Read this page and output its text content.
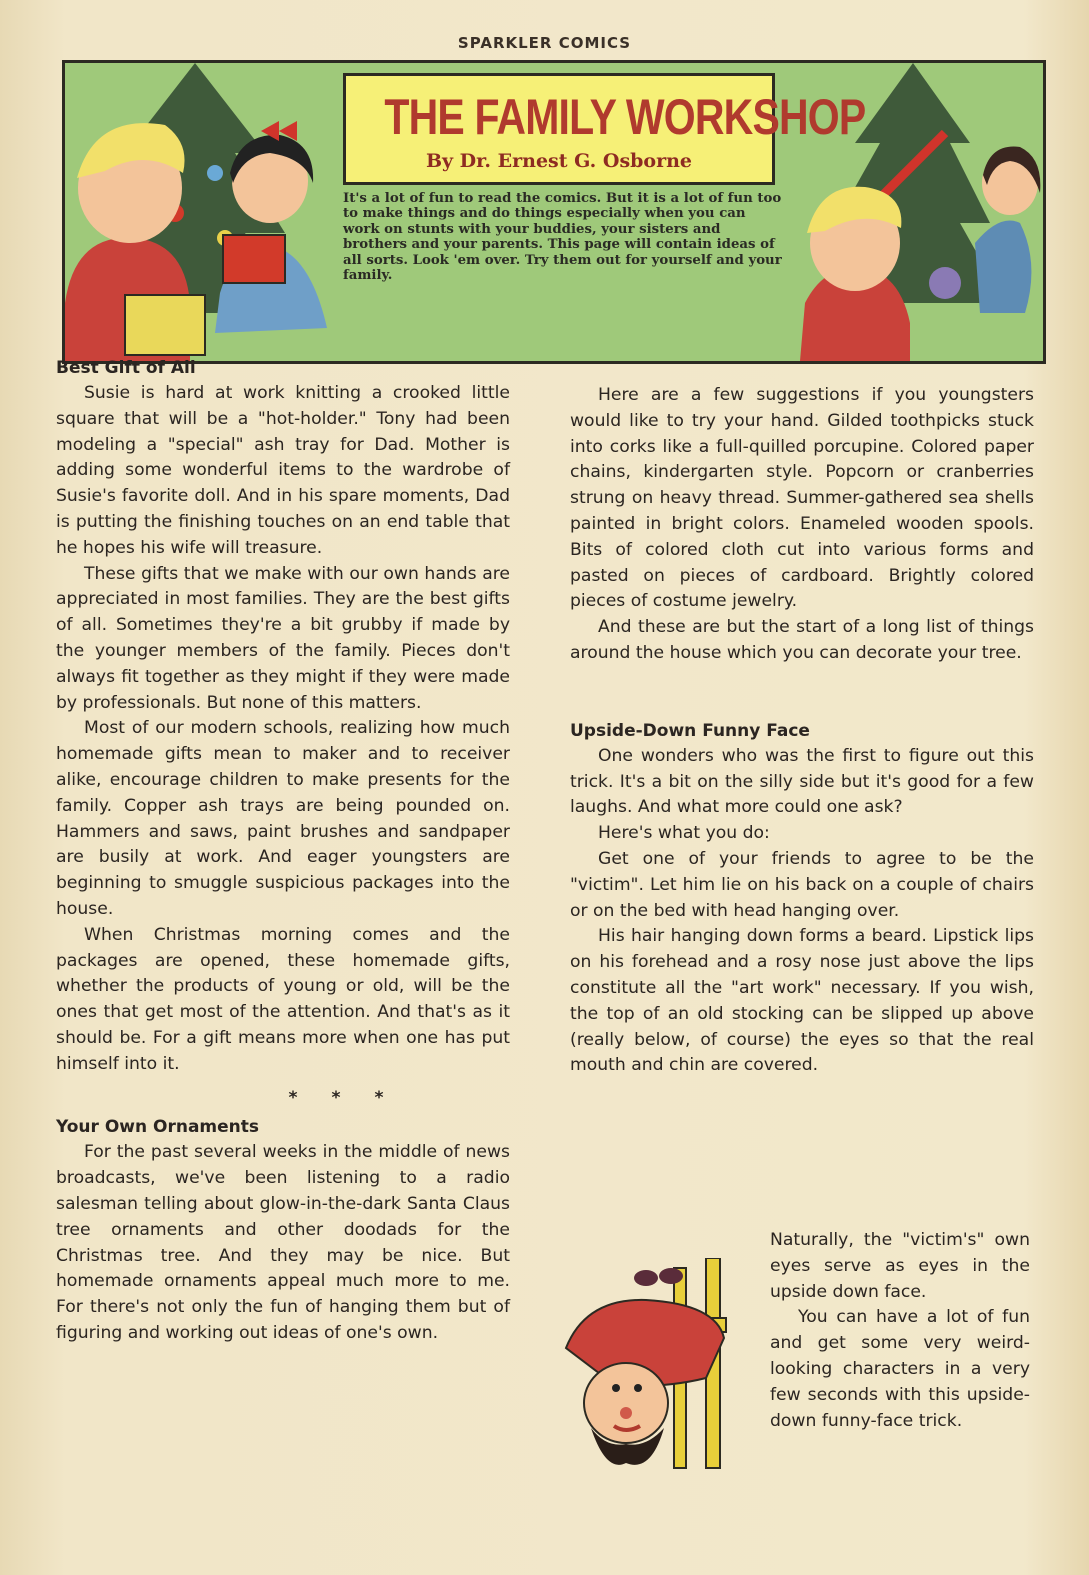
SPARKLER COMICS
THE FAMILY WORKSHOP
By Dr. Ernest G. Osborne
It's a lot of fun to read the comics. But it is a lot of fun too to make things and do things especially when you can work on stunts with your buddies, your sisters and brothers and your parents. This page will contain ideas of all sorts. Look 'em over. Try them out for yourself and your family.
Best Gift of All

Susie is hard at work knitting a crooked little square that will be a "hot-holder." Tony had been modeling a "special" ash tray for Dad. Mother is adding some wonderful items to the wardrobe of Susie's favorite doll. And in his spare moments, Dad is putting the finishing touches on an end table that he hopes his wife will treasure.

These gifts that we make with our own hands are appreciated in most families. They are the best gifts of all. Sometimes they're a bit grubby if made by the younger members of the family. Pieces don't always fit together as they might if they were made by professionals. But none of this matters.

Most of our modern schools, realizing how much homemade gifts mean to maker and to receiver alike, encourage children to make presents for the family. Copper ash trays are being pounded on. Hammers and saws, paint brushes and sandpaper are busily at work. And eager youngsters are beginning to smuggle suspicious packages into the house.

When Christmas morning comes and the packages are opened, these homemade gifts, whether the products of young or old, will be the ones that get most of the attention. And that's as it should be. For a gift means more when one has put himself into it.

* * *
Your Own Ornaments

For the past several weeks in the middle of news broadcasts, we've been listening to a radio salesman telling about glow-in-the-dark Santa Claus tree ornaments and other doodads for the Christmas tree. And they may be nice. But homemade ornaments appeal much more to me. For there's not only the fun of hanging them but of figuring and working out ideas of one's own.

Here are a few suggestions if you youngsters would like to try your hand. Gilded toothpicks stuck into corks like a full-quilled porcupine. Colored paper chains, kindergarten style. Popcorn or cranberries strung on heavy thread. Summer-gathered sea shells painted in bright colors. Enameled wooden spools. Bits of colored cloth cut into various forms and pasted on pieces of cardboard. Brightly colored pieces of costume jewelry.

And these are but the start of a long list of things around the house which you can decorate your tree.

Upside-Down Funny Face

One wonders who was the first to figure out this trick. It's a bit on the silly side but it's good for a few laughs. And what more could one ask?

Here's what you do:

Get one of your friends to agree to be the "victim". Let him lie on his back on a couple of chairs or on the bed with head hanging over.

His hair hanging down forms a beard. Lipstick lips on his forehead and a rosy nose just above the lips constitute all the "art work" necessary. If you wish, the top of an old stocking can be slipped up above (really below, of course) the eyes so that the real mouth and chin are covered.

Naturally, the "victim's" own eyes serve as eyes in the upside down face.

You can have a lot of fun and get some very weird-looking characters in a very few seconds with this upside-down funny-face trick.
